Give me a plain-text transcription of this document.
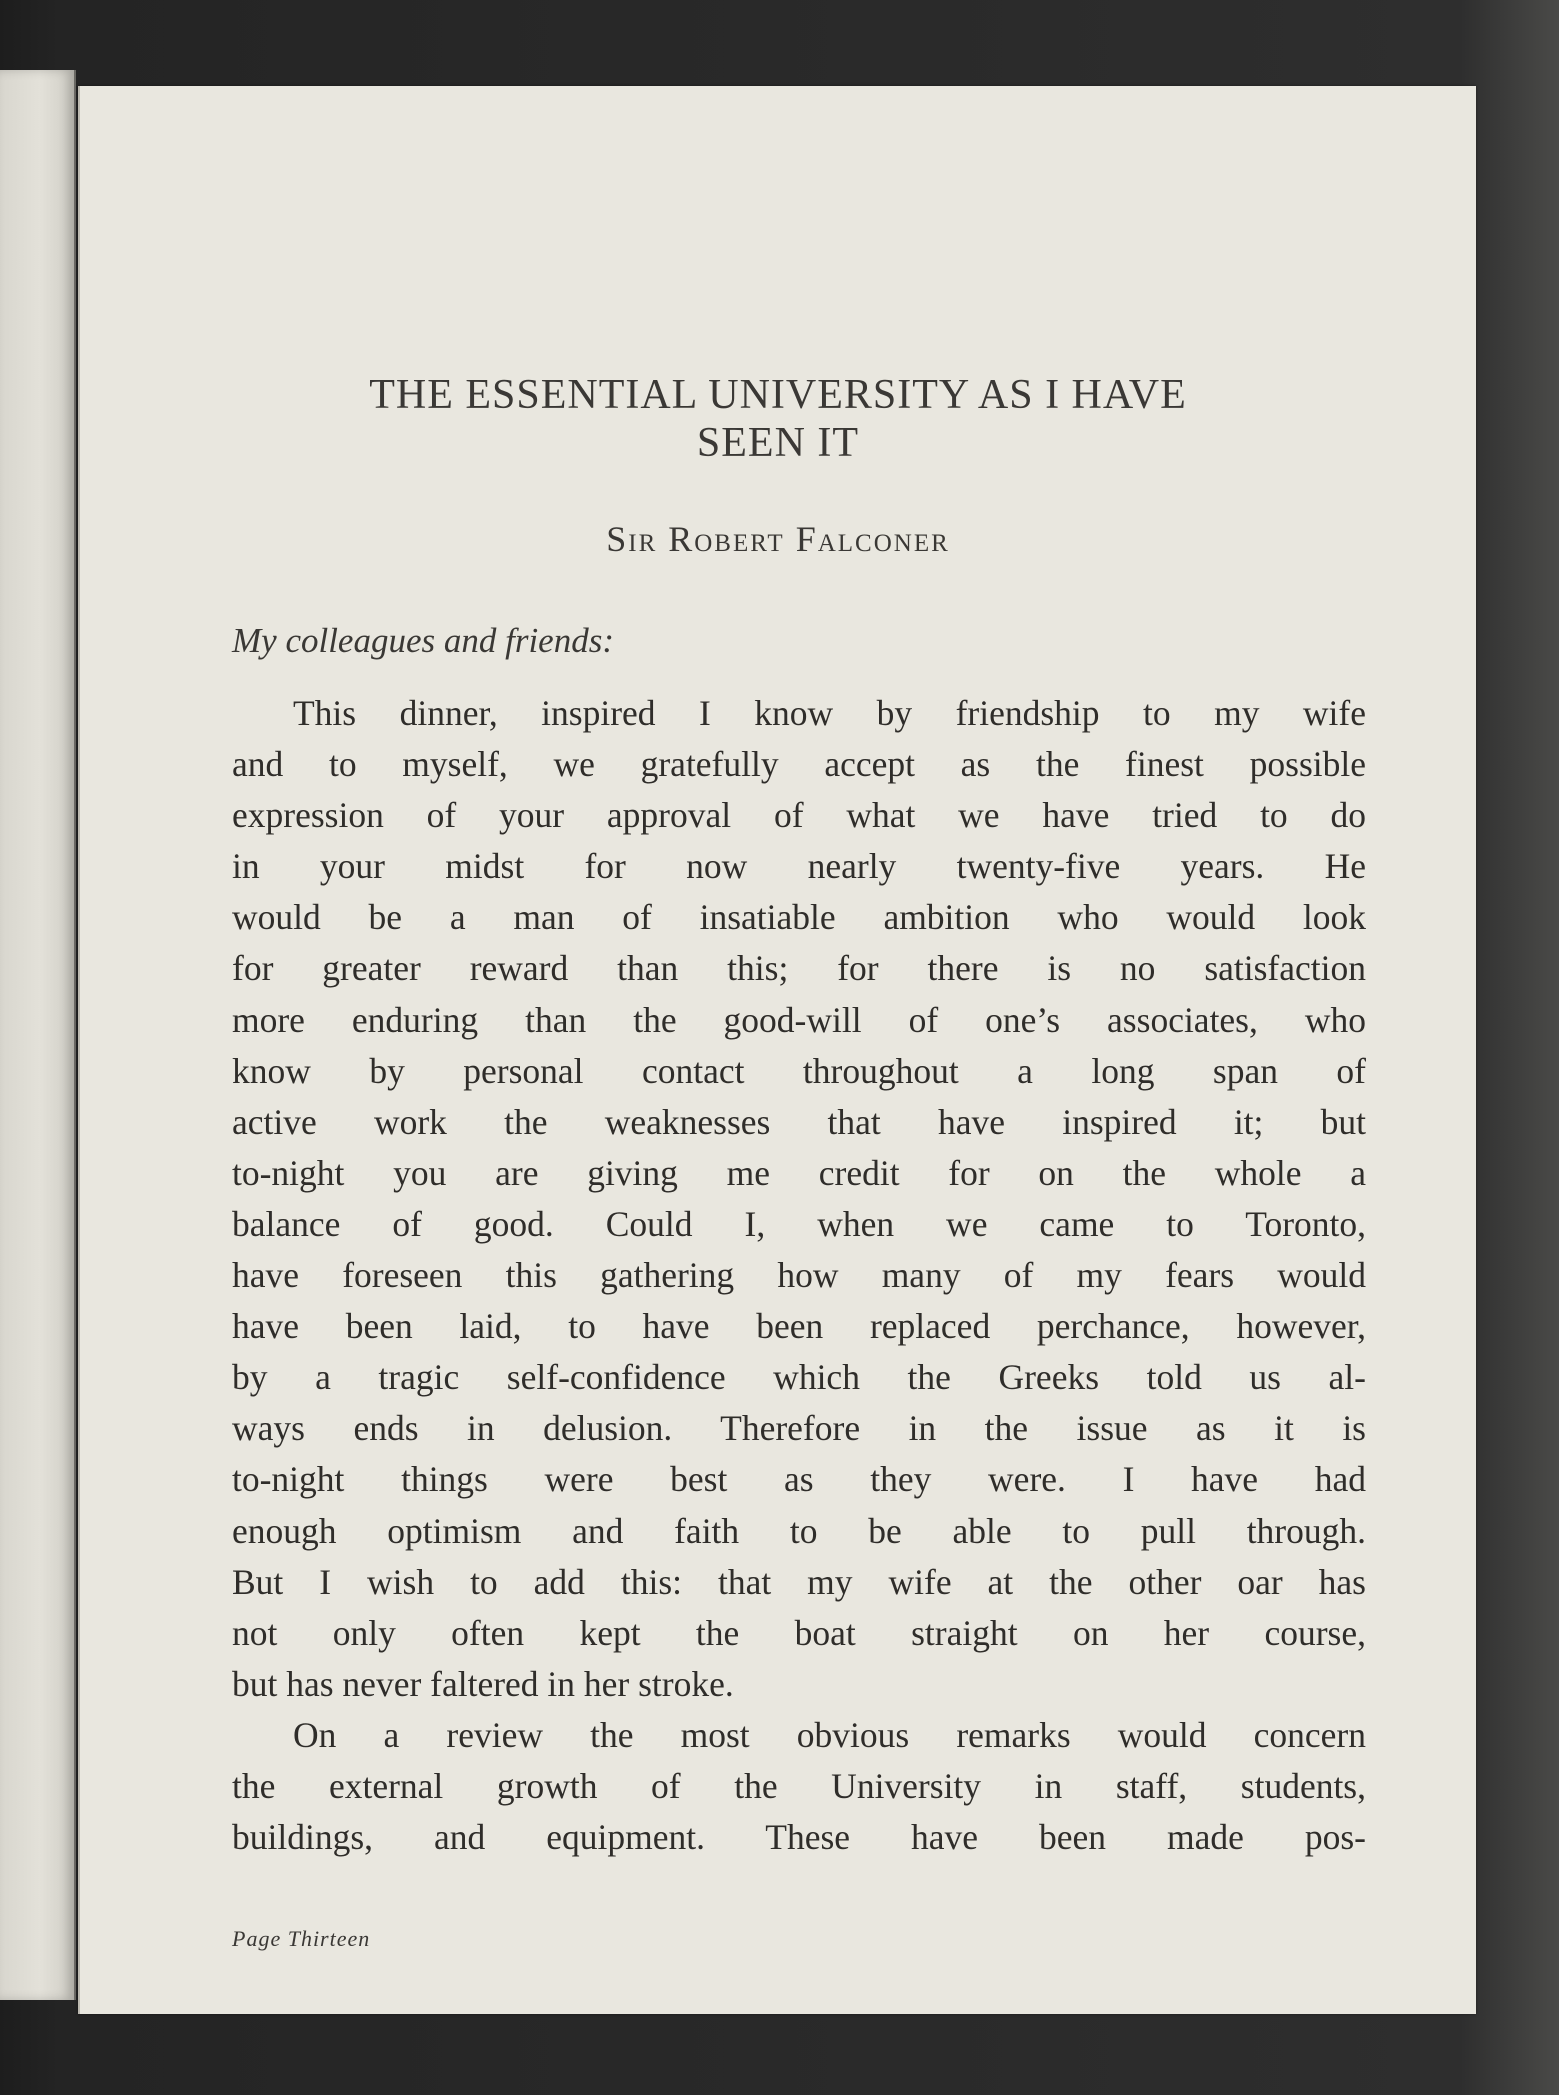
THE ESSENTIAL UNIVERSITY AS I HAVE
SEEN IT
Sir Robert Falconer
My colleagues and friends:
This dinner, inspired I know by friendship to my wife
and to myself, we gratefully accept as the finest possible
expression of your approval of what we have tried to do
in your midst for now nearly twenty-five years. He
would be a man of insatiable ambition who would look
for greater reward than this; for there is no satisfaction
more enduring than the good-will of one’s associates, who
know by personal contact throughout a long span of
active work the weaknesses that have inspired it; but
to-night you are giving me credit for on the whole a
balance of good. Could I, when we came to Toronto,
have foreseen this gathering how many of my fears would
have been laid, to have been replaced perchance, however,
by a tragic self-confidence which the Greeks told us al-
ways ends in delusion. Therefore in the issue as it is
to-night things were best as they were. I have had
enough optimism and faith to be able to pull through.
But I wish to add this: that my wife at the other oar has
not only often kept the boat straight on her course,
but has never faltered in her stroke.
On a review the most obvious remarks would concern
the external growth of the University in staff, students,
buildings, and equipment. These have been made pos-
Page Thirteen
